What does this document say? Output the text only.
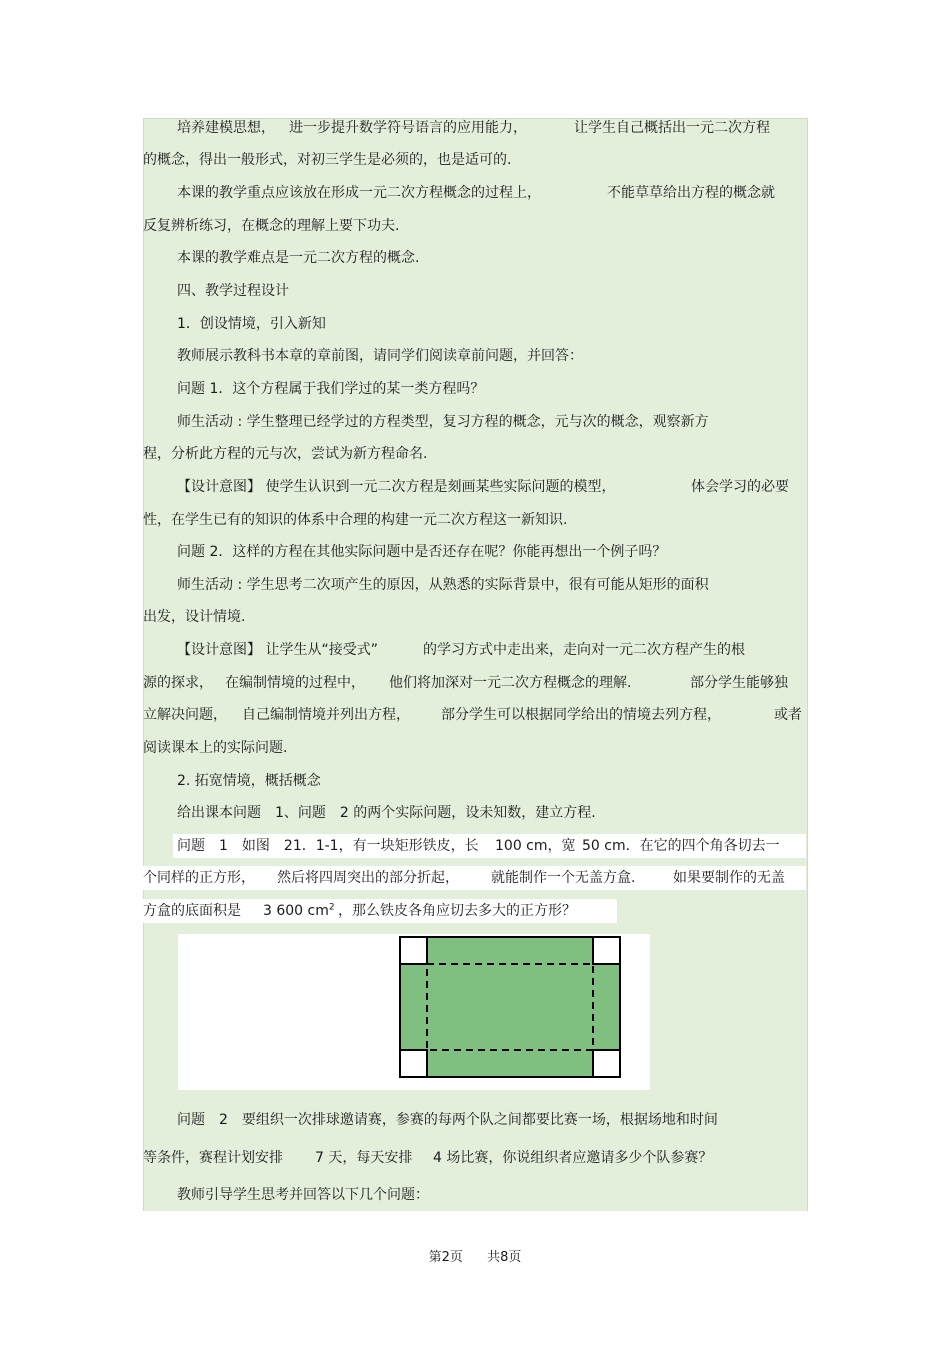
培养建模思想， 进一步提升数学符号语言的应用能力，	让学生自己概括出一元二次方程
的概念，得出一般形式，对初三学生是必须的，也是适可的.
本课的教学重点应该放在形成一元二次方程概念的过程上，	不能草草给出方程的概念就
反复辨析练习，在概念的理解上要下功夫.
本课的教学难点是一元二次方程的概念.
四、教学过程设计
1．创设情境，引入新知
教师展示教科书本章的章前图，请同学们阅读章前问题，并回答：
问题 1．这个方程属于我们学过的某一类方程吗？
师生活动 : 学生整理已经学过的方程类型，复习方程的概念，元与次的概念，观察新方
程，分析此方程的元与次，尝试为新方程命名.
【设计意图】 使学生认识到一元二次方程是刻画某些实际问题的模型，	体会学习的必要
性，在学生已有的知识的体系中合理的构建一元二次方程这一新知识.
问题 2．这样的方程在其他实际问题中是否还存在呢？你能再想出一个例子吗？
师生活动 : 学生思考二次项产生的原因，从熟悉的实际背景中，很有可能从矩形的面积
出发，设计情境.
【设计意图】 让学生从“接受式”	的学习方式中走出来，走向对一元二次方程产生的根
源的探求， 在编制情境的过程中， 他们将加深对一元二次方程概念的理解.	部分学生能够独
立解决问题， 自己编制情境并列出方程， 部分学生可以根据同学给出的情境去列方程，	或者
阅读课本上的实际问题.
2. 拓宽情境，概括概念
给出课本问题　1、问题　2 的两个实际问题，设未知数，建立方程.
问题　1　如图　21．1-1，有一块矩形铁皮，长 100 cm，宽 50 cm．在它的四个角各切去一
个同样的正方形， 然后将四周突出的部分折起， 就能制作一个无盖方盒.	如果要制作的无盖
方盒的底面积是 3 600 $cm^2$ ，那么铁皮各角应切去多大的正方形？
问题　2　要组织一次排球邀请赛，参赛的每两个队之间都要比赛一场，根据场地和时间
等条件，赛程计划安排 7 天，每天安排 4 场比赛，你说组织者应邀请多少个队参赛？
教师引导学生思考并回答以下几个问题：
第2页 共8页
